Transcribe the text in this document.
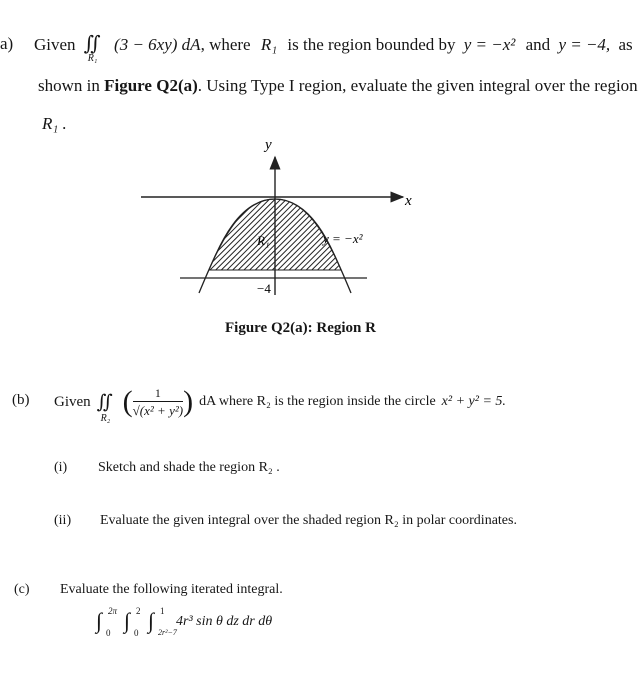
a) Given ∬
R₁
(3 − 6xy) dA, where R₁ is the region bounded by y = −x² and y = −4, as
shown in Figure Q2(a). Using Type I region, evaluate the given integral over the region
R₁ .
y
x
R₁	y = −x²
−4
Figure Q2(a): Region R
(b) Given ∬
R₂ ( $\frac{1}{\text{√(x² + y²)}}$ ) dA where R₂ is the region inside the circle x² + y² = 5.
(i) Sketch and shade the region R₂ .
(ii) Evaluate the given integral over the shaded region R₂ in polar coordinates.
(c) Evaluate the following iterated integral.
∫ 2π
0 ∫ 2
0 ∫ 1
2r²−7
4r³ sin θ dz dr dθ
